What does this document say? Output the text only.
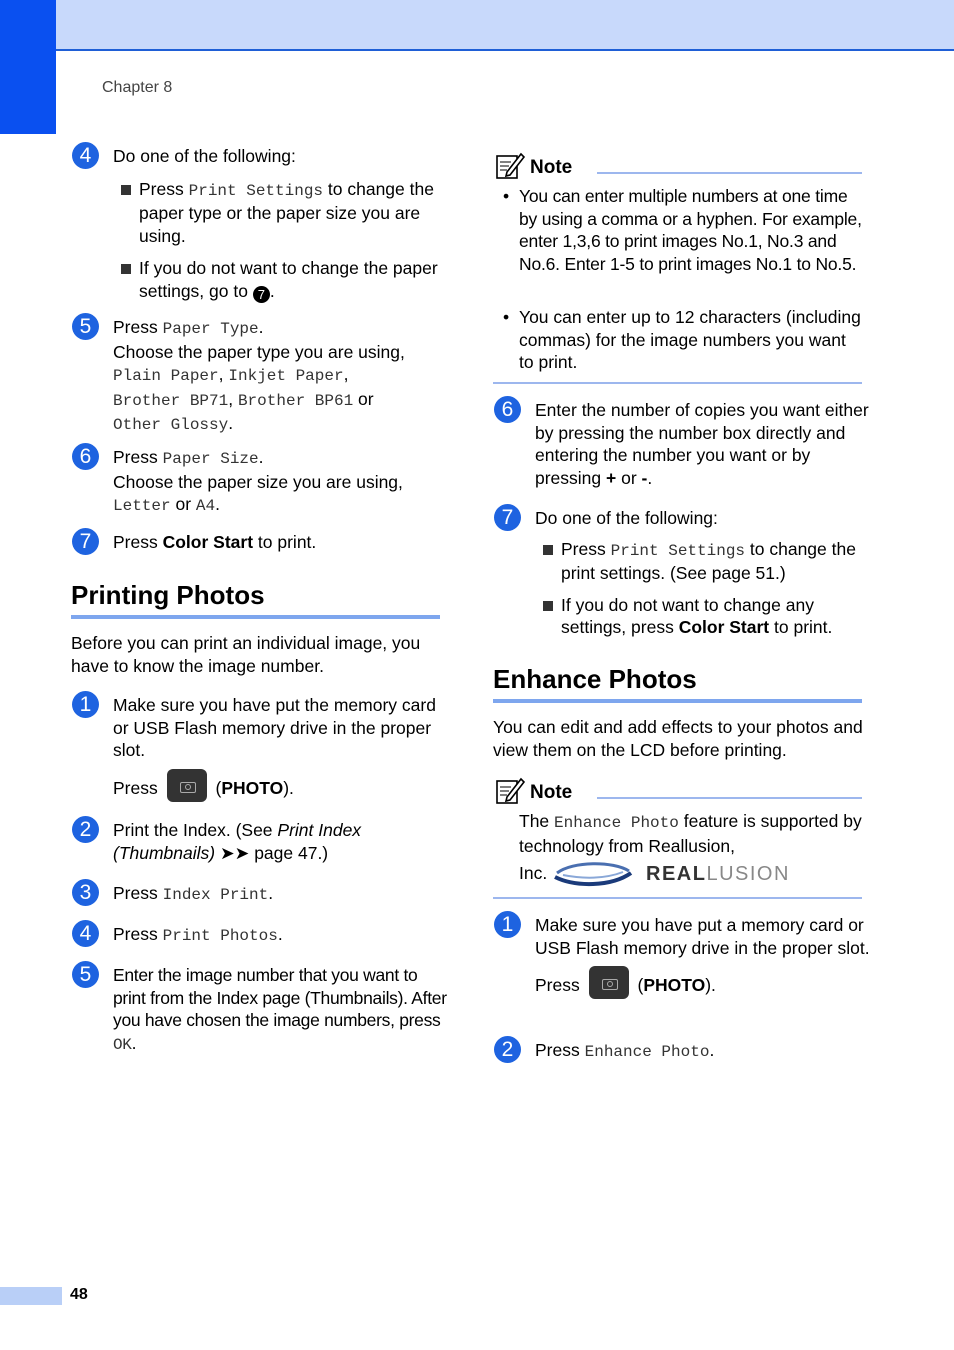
Chapter 8
4	Do one of the following:
Press Print Settings to change the paper type or the paper size you are using.
If you do not want to change the paper settings, go to 7 .
5	Press Paper Type.
Choose the paper type you are using,
Plain Paper, Inkjet Paper,
Brother BP71, Brother BP61 or
Other Glossy.
6	Press Paper Size.
Choose the paper size you are using,
Letter or A4.
7	Press Color Start to print.
Printing Photos
Before you can print an individual image, you have to know the image number.
1	Make sure you have put the memory card or USB Flash memory drive in the proper slot.
Press	(PHOTO).
2	Print the Index. (See Print Index (Thumbnails) ➤➤ page 47.)
3	Press Index Print.
4	Press Print Photos.
5	Enter the image number that you want to print from the Index page (Thumbnails). After you have chosen the image numbers, press OK.
Note
• You can enter multiple numbers at one time by using a comma or a hyphen. For example, enter 1,3,6 to print images No.1, No.3 and No.6. Enter 1-5 to print images No.1 to No.5.
• You can enter up to 12 characters (including commas) for the image numbers you want to print.
6	Enter the number of copies you want either by pressing the number box directly and entering the number you want or by pressing + or -.
7	Do one of the following:
Press Print Settings to change the print settings. (See page 51.)
If you do not want to change any settings, press Color Start to print.
Enhance Photos
You can edit and add effects to your photos and view them on the LCD before printing.
Note
The Enhance Photo feature is supported by technology from Reallusion,
Inc.	REALLUSION
1	Make sure you have put a memory card or USB Flash memory drive in the proper slot.
Press	(PHOTO).
2	Press Enhance Photo.
48
